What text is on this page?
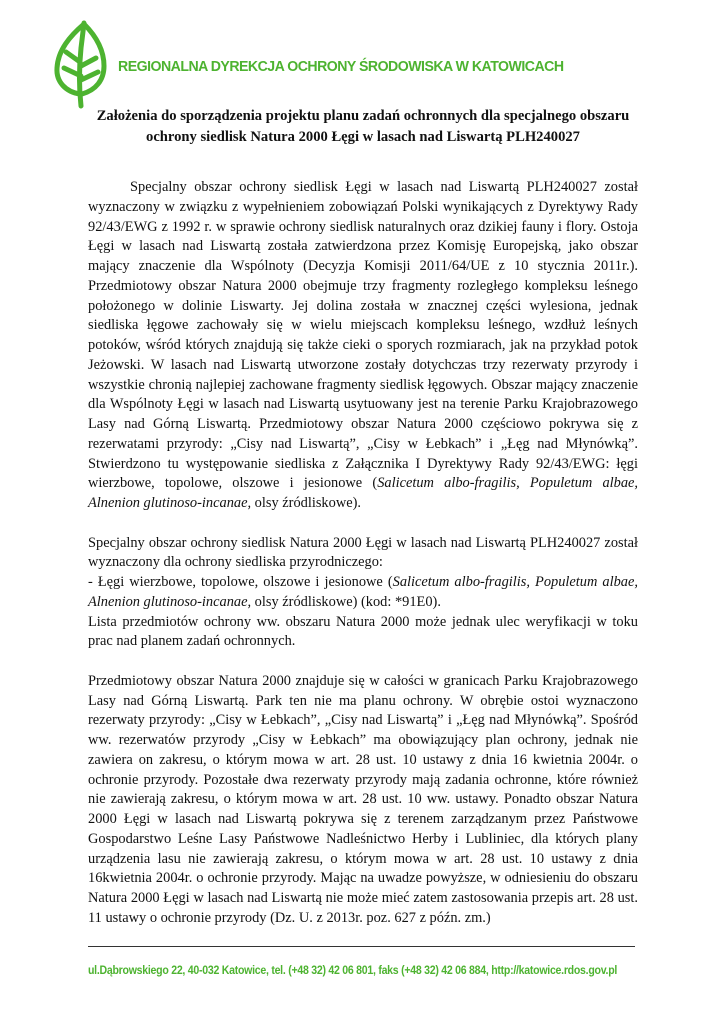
REGIONALNA DYREKCJA OCHRONY ŚRODOWISKA W KATOWICACH
Założenia do sporządzenia projektu planu zadań ochronnych dla specjalnego obszaru ochrony siedlisk Natura 2000 Łęgi w lasach nad Liswartą PLH240027

Specjalny obszar ochrony siedlisk Łęgi w lasach nad Liswartą PLH240027 został wyznaczony w związku z wypełnieniem zobowiązań Polski wynikających z Dyrektywy Rady 92/43/EWG z 1992 r. w sprawie ochrony siedlisk naturalnych oraz dzikiej fauny i flory. Ostoja Łęgi w lasach nad Liswartą została zatwierdzona przez Komisję Europejską, jako obszar mający znaczenie dla Wspólnoty (Decyzja Komisji 2011/64/UE z 10 stycznia 2011r.). Przedmiotowy obszar Natura 2000 obejmuje trzy fragmenty rozległego kompleksu leśnego położonego w dolinie Liswarty. Jej dolina została w znacznej części wylesiona, jednak siedliska łęgowe zachowały się w wielu miejscach kompleksu leśnego, wzdłuż leśnych potoków, wśród których znajdują się także cieki o sporych rozmiarach, jak na przykład potok Jeżowski. W lasach nad Liswartą utworzone zostały dotychczas trzy rezerwaty przyrody i wszystkie chronią najlepiej zachowane fragmenty siedlisk łęgowych. Obszar mający znaczenie dla Wspólnoty Łęgi w lasach nad Liswartą usytuowany jest na terenie Parku Krajobrazowego Lasy nad Górną Liswartą. Przedmiotowy obszar Natura 2000 częściowo pokrywa się z rezerwatami przyrody: „Cisy nad Liswartą”, „Cisy w Łebkach” i „Łęg nad Młynówką”. Stwierdzono tu występowanie siedliska z Załącznika I Dyrektywy Rady 92/43/EWG: łęgi wierzbowe, topolowe, olszowe i jesionowe (Salicetum albo-fragilis, Populetum albae, Alnenion glutinoso-incanae, olsy źródliskowe).

Specjalny obszar ochrony siedlisk Natura 2000 Łęgi w lasach nad Liswartą PLH240027 został wyznaczony dla ochrony siedliska przyrodniczego:

- Łęgi wierzbowe, topolowe, olszowe i jesionowe (Salicetum albo-fragilis, Populetum albae, Alnenion glutinoso-incanae, olsy źródliskowe) (kod: *91E0).

Lista przedmiotów ochrony ww. obszaru Natura 2000 może jednak ulec weryfikacji w toku prac nad planem zadań ochronnych.

Przedmiotowy obszar Natura 2000 znajduje się w całości w granicach Parku Krajobrazowego Lasy nad Górną Liswartą. Park ten nie ma planu ochrony. W obrębie ostoi wyznaczono rezerwaty przyrody: „Cisy w Łebkach”, „Cisy nad Liswartą” i „Łęg nad Młynówką”. Spośród ww. rezerwatów przyrody „Cisy w Łebkach” ma obowiązujący plan ochrony, jednak nie zawiera on zakresu, o którym mowa w art. 28 ust. 10 ustawy z dnia 16 kwietnia 2004r. o ochronie przyrody. Pozostałe dwa rezerwaty przyrody mają zadania ochronne, które również nie zawierają zakresu, o którym mowa w art. 28 ust. 10 ww. ustawy. Ponadto obszar Natura 2000 Łęgi w lasach nad Liswartą pokrywa się z terenem zarządzanym przez Państwowe Gospodarstwo Leśne Lasy Państwowe Nadleśnictwo Herby i Lubliniec, dla których plany urządzenia lasu nie zawierają zakresu, o którym mowa w art. 28 ust. 10 ustawy z dnia 16kwietnia 2004r. o ochronie przyrody. Mając na uwadze powyższe, w odniesieniu do obszaru Natura 2000 Łęgi w lasach nad Liswartą nie może mieć zatem zastosowania przepis art. 28 ust. 11 ustawy o ochronie przyrody (Dz. U. z 2013r. poz. 627 z późn. zm.)

ul.Dąbrowskiego 22, 40-032 Katowice, tel. (+48 32) 42 06 801, faks (+48 32) 42 06 884, http://katowice.rdos.gov.pl
